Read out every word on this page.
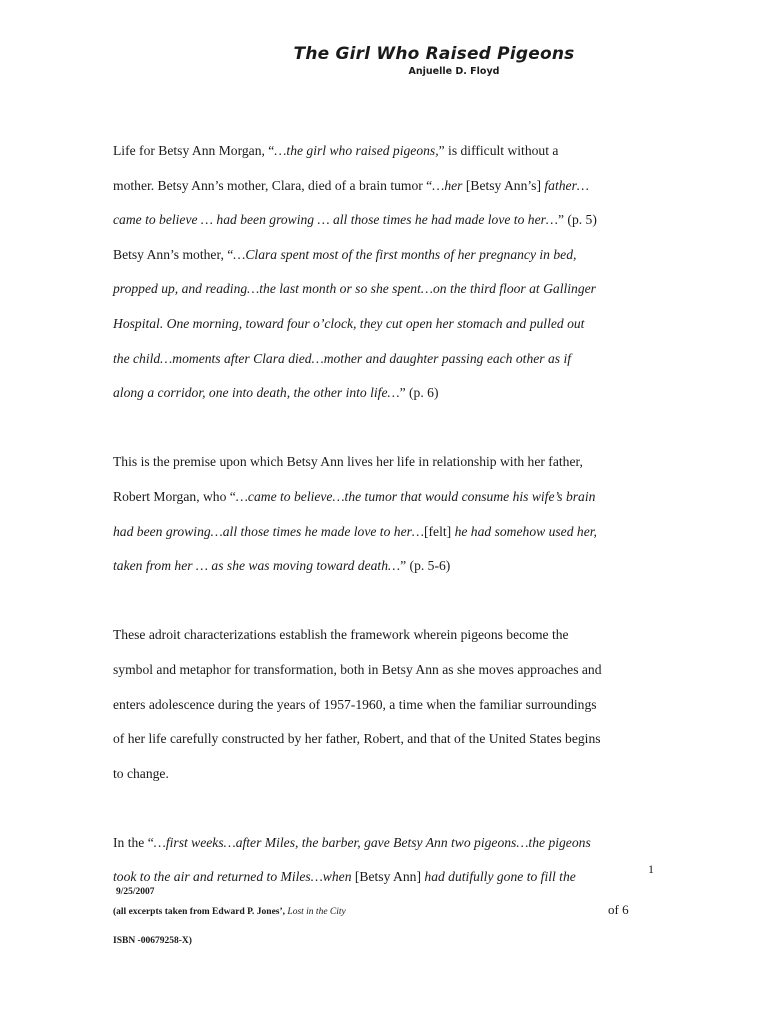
The Girl Who Raised Pigeons
Anjuelle D. Floyd
Life for Betsy Ann Morgan, “…the girl who raised pigeons,” is difficult without a
mother. Betsy Ann’s mother, Clara, died of a brain tumor “…her [Betsy Ann’s] father…
came to believe … had been growing … all those times he had made love to her…” (p. 5)
Betsy Ann’s mother, “…Clara spent most of the first months of her pregnancy in bed,
propped up, and reading…the last month or so she spent…on the third floor at Gallinger
Hospital. One morning, toward four o’clock, they cut open her stomach and pulled out
the child…moments after Clara died…mother and daughter passing each other as if
along a corridor, one into death, the other into life…” (p. 6)
This is the premise upon which Betsy Ann lives her life in relationship with her father,
Robert Morgan, who “…came to believe…the tumor that would consume his wife’s brain
had been growing…all those times he made love to her…[felt] he had somehow used her,
taken from her … as she was moving toward death…” (p. 5-6)
These adroit characterizations establish the framework wherein pigeons become the
symbol and metaphor for transformation, both in Betsy Ann as she moves approaches and
enters adolescence during the years of 1957-1960, a time when the familiar surroundings
of her life carefully constructed by her father, Robert, and that of the United States begins
to change.
In the “…first weeks…after Miles, the barber, gave Betsy Ann two pigeons…the pigeons
took to the air and returned to Miles…when [Betsy Ann] had dutifully gone to fill the
9/25/2007
(all excerpts taken from Edward P. Jones’, Lost in the City
1
of 6
ISBN -00679258-X)
